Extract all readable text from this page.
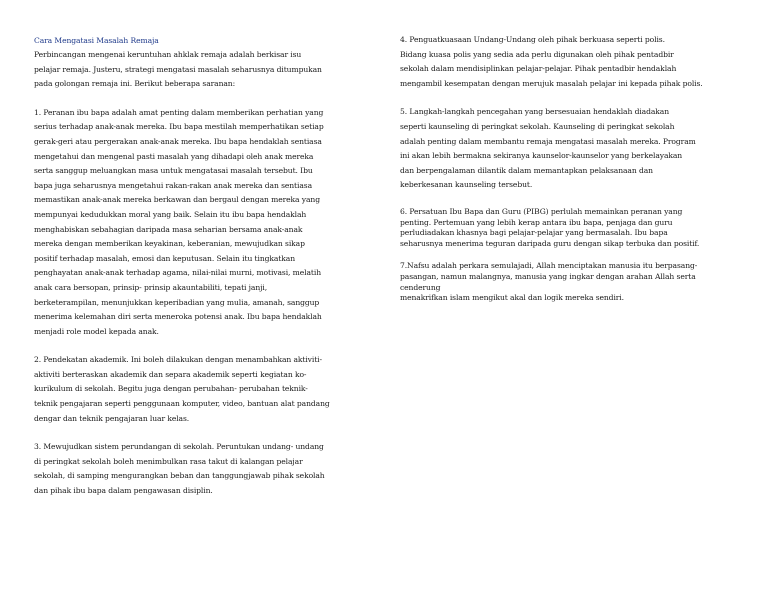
Cara Mengatasi Masalah Remaja

Perbincangan mengenai keruntuhan ahklak remaja adalah berkisar isu
pelajar remaja. Justeru, strategi mengatasi masalah seharusnya ditumpukan
pada golongan remaja ini. Berikut beberapa saranan:

1. Peranan ibu bapa adalah amat penting dalam memberikan perhatian yang
serius terhadap anak-anak mereka. Ibu bapa mestilah memperhatikan setiap
gerak-geri atau pergerakan anak-anak mereka. Ibu bapa hendaklah sentiasa
mengetahui dan mengenal pasti masalah yang dihadapi oleh anak mereka
serta sanggup meluangkan masa untuk mengatasai masalah tersebut. Ibu
bapa juga seharusnya mengetahui rakan-rakan anak mereka dan sentiasa
memastikan anak-anak mereka berkawan dan bergaul dengan mereka yang
mempunyai kedudukkan moral yang baik. Selain itu ibu bapa hendaklah
menghabiskan sebahagian daripada masa seharian bersama anak-anak
mereka dengan memberikan keyakinan, keberanian, mewujudkan sikap
positif terhadap masalah, emosi dan keputusan. Selain itu tingkatkan
penghayatan anak-anak terhadap agama, nilai-nilai murni, motivasi, melatih
anak cara bersopan, prinsip- prinsip akauntabiliti, tepati janji,
berketerampilan, menunjukkan keperibadian yang mulia, amanah, sanggup
menerima kelemahan diri serta meneroka potensi anak. Ibu bapa hendaklah
menjadi role model kepada anak.

2. Pendekatan akademik. Ini boleh dilakukan dengan menambahkan aktiviti-
aktiviti berteraskan akademik dan separa akademik seperti kegiatan ko-
kurikulum di sekolah. Begitu juga dengan perubahan- perubahan teknik-
teknik pengajaran seperti penggunaan komputer, video, bantuan alat pandang
dengar dan teknik pengajaran luar kelas.

3. Mewujudkan sistem perundangan di sekolah. Peruntukan undang- undang
di peringkat sekolah boleh menimbulkan rasa takut di kalangan pelajar
sekolah, di samping mengurangkan beban dan tanggungjawab pihak sekolah
dan pihak ibu bapa dalam pengawasan disiplin.

4. Penguatkuasaan Undang-Undang oleh pihak berkuasa seperti polis.
Bidang kuasa polis yang sedia ada perlu digunakan oleh pihak pentadbir
sekolah dalam mendisiplinkan pelajar-pelajar. Pihak pentadbir hendaklah
mengambil kesempatan dengan merujuk masalah pelajar ini kepada pihak polis.

5. Langkah-langkah pencegahan yang bersesuaian hendaklah diadakan
seperti kaunseling di peringkat sekolah. Kaunseling di peringkat sekolah
adalah penting dalam membantu remaja mengatasi masalah mereka. Program
ini akan lebih bermakna sekiranya kaunselor-kaunselor yang berkelayakan
dan berpengalaman dilantik dalam memantapkan pelaksanaan dan
keberkesanan kaunseling tersebut.

6. Persatuan Ibu Bapa dan Guru (PIBG) perlulah memainkan peranan yang
penting. Pertemuan yang lebih kerap antara ibu bapa, penjaga dan guru
perludiadakan khasnya bagi pelajar-pelajar yang bermasalah. Ibu bapa
seharusnya menerima teguran daripada guru dengan sikap terbuka dan positif.

7.Nafsu adalah perkara semulajadi, Allah menciptakan manusia itu berpasang-
pasangan, namun malangnya, manusia yang ingkar dengan arahan Allah serta
cenderung
menakrifkan islam mengikut akal dan logik mereka sendiri.
